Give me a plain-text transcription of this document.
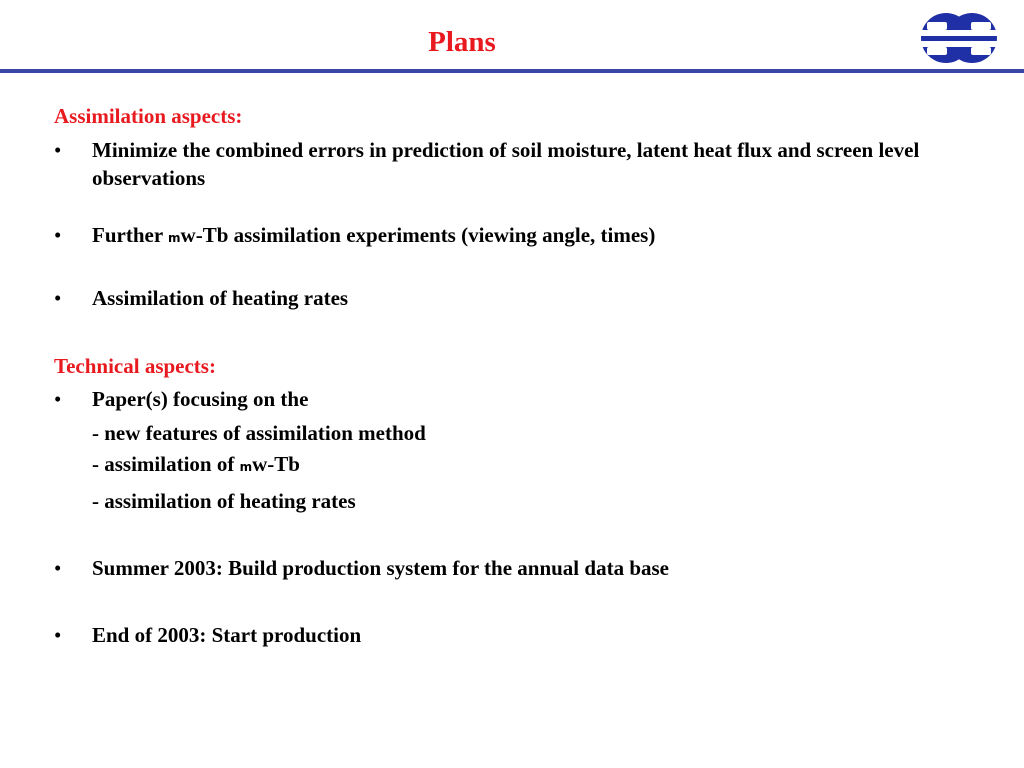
Plans
Assimilation aspects:
• Minimize the combined errors in prediction of soil moisture, latent heat flux and screen level observations
• Further mw-Tb assimilation experiments (viewing angle, times)
• Assimilation of heating rates
Technical aspects:
• Paper(s) focusing on the
- new features of assimilation method
- assimilation of mw-Tb
- assimilation of heating rates
• Summer 2003: Build production system for the annual data base
• End of 2003: Start production
